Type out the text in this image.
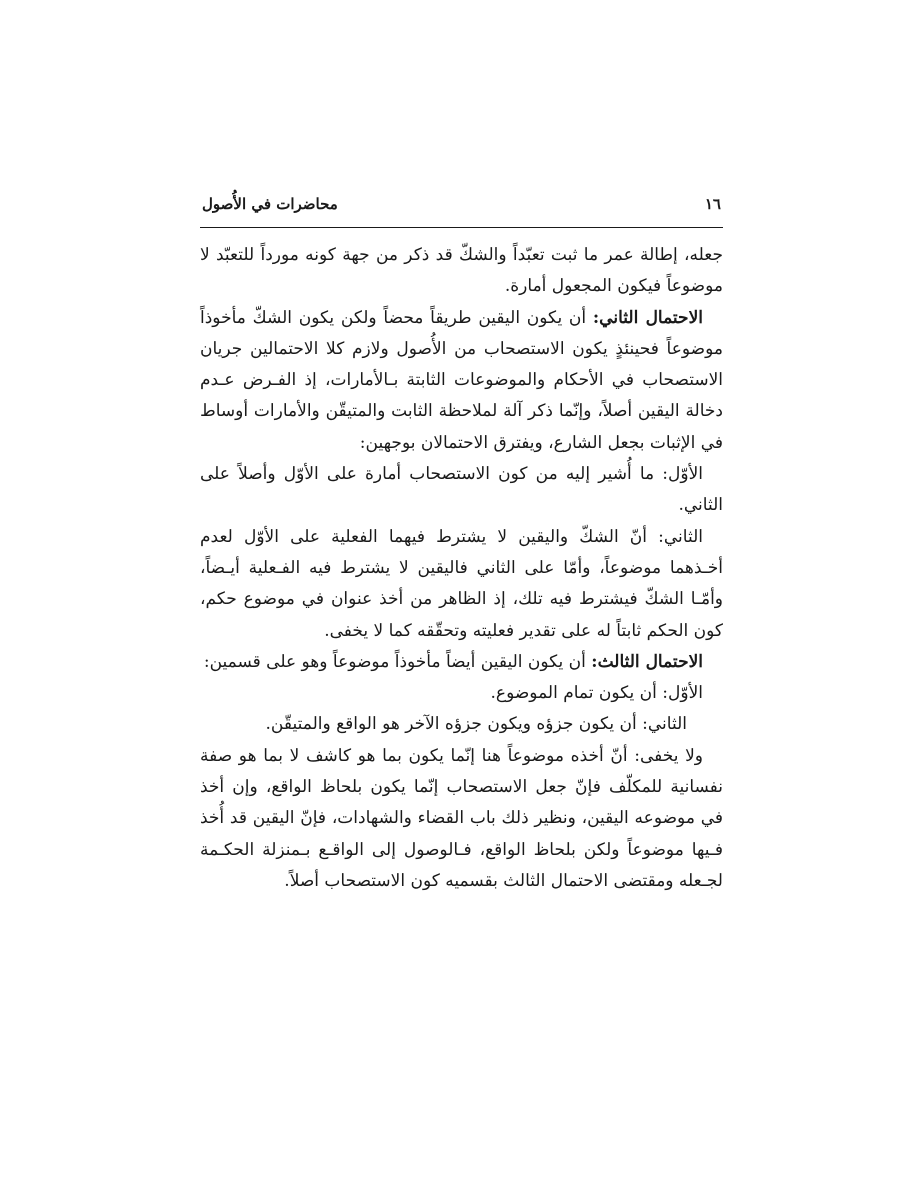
١٦
محاضرات في الأُصول

جعله، إطالة عمر ما ثبت تعبّداً والشكّ قد ذكر من جهة كونه مورداً للتعبّد لا موضوعاً فيكون المجعول أمارة.

الاحتمال الثاني: أن يكون اليقين طريقاً محضاً ولكن يكون الشكّ مأخوذاً موضوعاً فحينئذٍ يكون الاستصحاب من الأُصول ولازم كلا الاحتمالين جريان الاستصحاب في الأحكام والموضوعات الثابتة بـالأمارات، إذ الفـرض عـدم دخالة اليقين أصلاً، وإنّما ذكر آلة لملاحظة الثابت والمتيقّن والأمارات أوساط في الإثبات بجعل الشارع، ويفترق الاحتمالان بوجهين:

الأوّل: ما أُشير إليه من كون الاستصحاب أمارة على الأوّل وأصلاً على الثاني.

الثاني: أنّ الشكّ واليقين لا يشترط فيهما الفعلية على الأوّل لعدم أخـذهما موضوعاً، وأمّا على الثاني فاليقين لا يشترط فيه الفـعلية أيـضاً، وأمّـا الشكّ فيشترط فيه تلك، إذ الظاهر من أخذ عنوان في موضوع حكم، كون الحكم ثابتاً له على تقدير فعليته وتحقّقه كما لا يخفى.

الاحتمال الثالث: أن يكون اليقين أيضاً مأخوذاً موضوعاً وهو على قسمين:

الأوّل: أن يكون تمام الموضوع.

الثاني: أن يكون جزؤه ويكون جزؤه الآخر هو الواقع والمتيقّن.

ولا يخفى: أنّ أخذه موضوعاً هنا إنّما يكون بما هو كاشف لا بما هو صفة نفسانية للمكلّف فإنّ جعل الاستصحاب إنّما يكون بلحاظ الواقع، وإن أخذ في موضوعه اليقين، ونظير ذلك باب القضاء والشهادات، فإنّ اليقين قد أُخذ فـيها موضوعاً ولكن بلحاظ الواقع، فـالوصول إلى الواقـع بـمنزلة الحكـمة لجـعله ومقتضى الاحتمال الثالث بقسميه كون الاستصحاب أصلاً.
